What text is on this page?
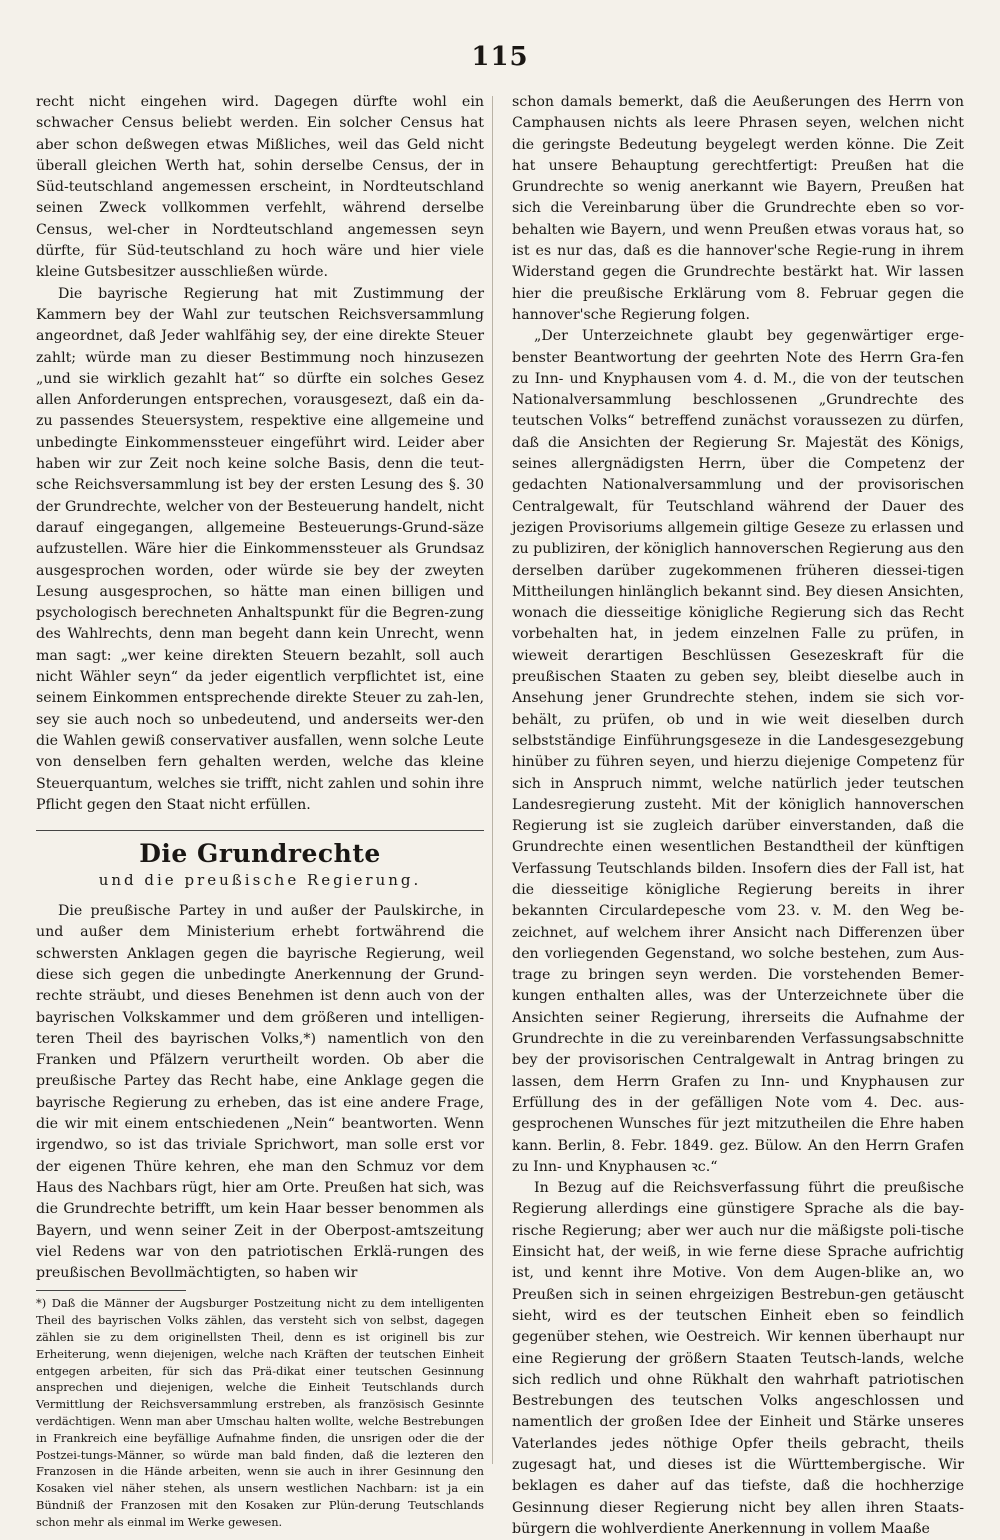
115

recht nicht eingehen wird. Dagegen dürfte wohl ein schwacher Census beliebt werden. Ein solcher Census hat aber schon deßwegen etwas Mißliches, weil das Geld nicht überall gleichen Werth hat, sohin derselbe Census, der in Süd-teutschland angemessen erscheint, in Nordteutschland seinen Zweck vollkommen verfehlt, während derselbe Census, wel-cher in Nordteutschland angemessen seyn dürfte, für Süd-teutschland zu hoch wäre und hier viele kleine Gutsbesitzer ausschließen würde.

Die bayrische Regierung hat mit Zustimmung der Kammern bey der Wahl zur teutschen Reichsversammlung angeordnet, daß Jeder wahlfähig sey, der eine direkte Steuer zahlt; würde man zu dieser Bestimmung noch hinzusezen „und sie wirklich gezahlt hat“ so dürfte ein solches Gesez allen Anforderungen entsprechen, vorausgesezt, daß ein da-zu passendes Steuersystem, respektive eine allgemeine und unbedingte Einkommenssteuer eingeführt wird. Leider aber haben wir zur Zeit noch keine solche Basis, denn die teut-sche Reichsversammlung ist bey der ersten Lesung des §. 30 der Grundrechte, welcher von der Besteuerung handelt, nicht darauf eingegangen, allgemeine Besteuerungs-Grund-säze aufzustellen. Wäre hier die Einkommenssteuer als Grundsaz ausgesprochen worden, oder würde sie bey der zweyten Lesung ausgesprochen, so hätte man einen billigen und psychologisch berechneten Anhaltspunkt für die Begren-zung des Wahlrechts, denn man begeht dann kein Unrecht, wenn man sagt: „wer keine direkten Steuern bezahlt, soll auch nicht Wähler seyn“ da jeder eigentlich verpflichtet ist, eine seinem Einkommen entsprechende direkte Steuer zu zah-len, sey sie auch noch so unbedeutend, und anderseits wer-den die Wahlen gewiß conservativer ausfallen, wenn solche Leute von denselben fern gehalten werden, welche das kleine Steuerquantum, welches sie trifft, nicht zahlen und sohin ihre Pflicht gegen den Staat nicht erfüllen.

Die Grundrechte
und die preußische Regierung.

Die preußische Partey in und außer der Paulskirche, in und außer dem Ministerium erhebt fortwährend die schwersten Anklagen gegen die bayrische Regierung, weil diese sich gegen die unbedingte Anerkennung der Grund-rechte sträubt, und dieses Benehmen ist denn auch von der bayrischen Volkskammer und dem größeren und intelligen-teren Theil des bayrischen Volks,*) namentlich von den Franken und Pfälzern verurtheilt worden. Ob aber die preußische Partey das Recht habe, eine Anklage gegen die bayrische Regierung zu erheben, das ist eine andere Frage, die wir mit einem entschiedenen „Nein“ beantworten. Wenn irgendwo, so ist das triviale Sprichwort, man solle erst vor der eigenen Thüre kehren, ehe man den Schmuz vor dem Haus des Nachbars rügt, hier am Orte. Preußen hat sich, was die Grundrechte betrifft, um kein Haar besser benommen als Bayern, und wenn seiner Zeit in der Oberpost-amtszeitung viel Redens war von den patriotischen Erklä-rungen des preußischen Bevollmächtigten, so haben wir

*) Daß die Männer der Augsburger Postzeitung nicht zu dem intelligenten Theil des bayrischen Volks zählen, das versteht sich von selbst, dagegen zählen sie zu dem originellsten Theil, denn es ist originell bis zur Erheiterung, wenn diejenigen, welche nach Kräften der teutschen Einheit entgegen arbeiten, für sich das Prä-dikat einer teutschen Gesinnung ansprechen und diejenigen, welche die Einheit Teutschlands durch Vermittlung der Reichsversammlung erstreben, als französisch Gesinnte verdächtigen. Wenn man aber Umschau halten wollte, welche Bestrebungen in Frankreich eine beyfällige Aufnahme finden, die unsrigen oder die der Postzei-tungs-Männer, so würde man bald finden, daß die lezteren den Franzosen in die Hände arbeiten, wenn sie auch in ihrer Gesinnung den Kosaken viel näher stehen, als unsern westlichen Nachbarn: ist ja ein Bündniß der Franzosen mit den Kosaken zur Plün-derung Teutschlands schon mehr als einmal im Werke gewesen.

schon damals bemerkt, daß die Aeußerungen des Herrn von Camphausen nichts als leere Phrasen seyen, welchen nicht die geringste Bedeutung beygelegt werden könne. Die Zeit hat unsere Behauptung gerechtfertigt: Preußen hat die Grundrechte so wenig anerkannt wie Bayern, Preußen hat sich die Vereinbarung über die Grundrechte eben so vor-behalten wie Bayern, und wenn Preußen etwas voraus hat, so ist es nur das, daß es die hannover'sche Regie-rung in ihrem Widerstand gegen die Grundrechte bestärkt hat. Wir lassen hier die preußische Erklärung vom 8. Februar gegen die hannover'sche Regierung folgen.

„Der Unterzeichnete glaubt bey gegenwärtiger erge-benster Beantwortung der geehrten Note des Herrn Gra-fen zu Inn- und Knyphausen vom 4. d. M., die von der teutschen Nationalversammlung beschlossenen „Grundrechte des teutschen Volks“ betreffend zunächst voraussezen zu dürfen, daß die Ansichten der Regierung Sr. Majestät des Königs, seines allergnädigsten Herrn, über die Competenz der gedachten Nationalversammlung und der provisorischen Centralgewalt, für Teutschland während der Dauer des jezigen Provisoriums allgemein giltige Geseze zu erlassen und zu publiziren, der königlich hannoverschen Regierung aus den derselben darüber zugekommenen früheren diessei-tigen Mittheilungen hinlänglich bekannt sind. Bey diesen Ansichten, wonach die diesseitige königliche Regierung sich das Recht vorbehalten hat, in jedem einzelnen Falle zu prüfen, in wieweit derartigen Beschlüssen Gesezeskraft für die preußischen Staaten zu geben sey, bleibt dieselbe auch in Ansehung jener Grundrechte stehen, indem sie sich vor-behält, zu prüfen, ob und in wie weit dieselben durch selbstständige Einführungsgeseze in die Landesgesezgebung hinüber zu führen seyen, und hierzu diejenige Competenz für sich in Anspruch nimmt, welche natürlich jeder teutschen Landesregierung zusteht. Mit der königlich hannoverschen Regierung ist sie zugleich darüber einverstanden, daß die Grundrechte einen wesentlichen Bestandtheil der künftigen Verfassung Teutschlands bilden. Insofern dies der Fall ist, hat die diesseitige königliche Regierung bereits in ihrer bekannten Circulardepesche vom 23. v. M. den Weg be-zeichnet, auf welchem ihrer Ansicht nach Differenzen über den vorliegenden Gegenstand, wo solche bestehen, zum Aus-trage zu bringen seyn werden. Die vorstehenden Bemer-kungen enthalten alles, was der Unterzeichnete über die Ansichten seiner Regierung, ihrerseits die Aufnahme der Grundrechte in die zu vereinbarenden Verfassungsabschnitte bey der provisorischen Centralgewalt in Antrag bringen zu lassen, dem Herrn Grafen zu Inn- und Knyphausen zur Erfüllung des in der gefälligen Note vom 4. Dec. aus-gesprochenen Wunsches für jezt mitzutheilen die Ehre haben kann. Berlin, 8. Febr. 1849. gez. Bülow. An den Herrn Grafen zu Inn- und Knyphausen ꝛc.“

In Bezug auf die Reichsverfassung führt die preußische Regierung allerdings eine günstigere Sprache als die bay-rische Regierung; aber wer auch nur die mäßigste poli-tische Einsicht hat, der weiß, in wie ferne diese Sprache aufrichtig ist, und kennt ihre Motive. Von dem Augen-blike an, wo Preußen sich in seinen ehrgeizigen Bestrebun-gen getäuscht sieht, wird es der teutschen Einheit eben so feindlich gegenüber stehen, wie Oestreich. Wir kennen überhaupt nur eine Regierung der größern Staaten Teutsch-lands, welche sich redlich und ohne Rükhalt den wahrhaft patriotischen Bestrebungen des teutschen Volks angeschlossen und namentlich der großen Idee der Einheit und Stärke unseres Vaterlandes jedes nöthige Opfer theils gebracht, theils zugesagt hat, und dieses ist die Württembergische. Wir beklagen es daher auf das tiefste, daß die hochherzige Gesinnung dieser Regierung nicht bey allen ihren Staats-bürgern die wohlverdiente Anerkennung in vollem Maaße
